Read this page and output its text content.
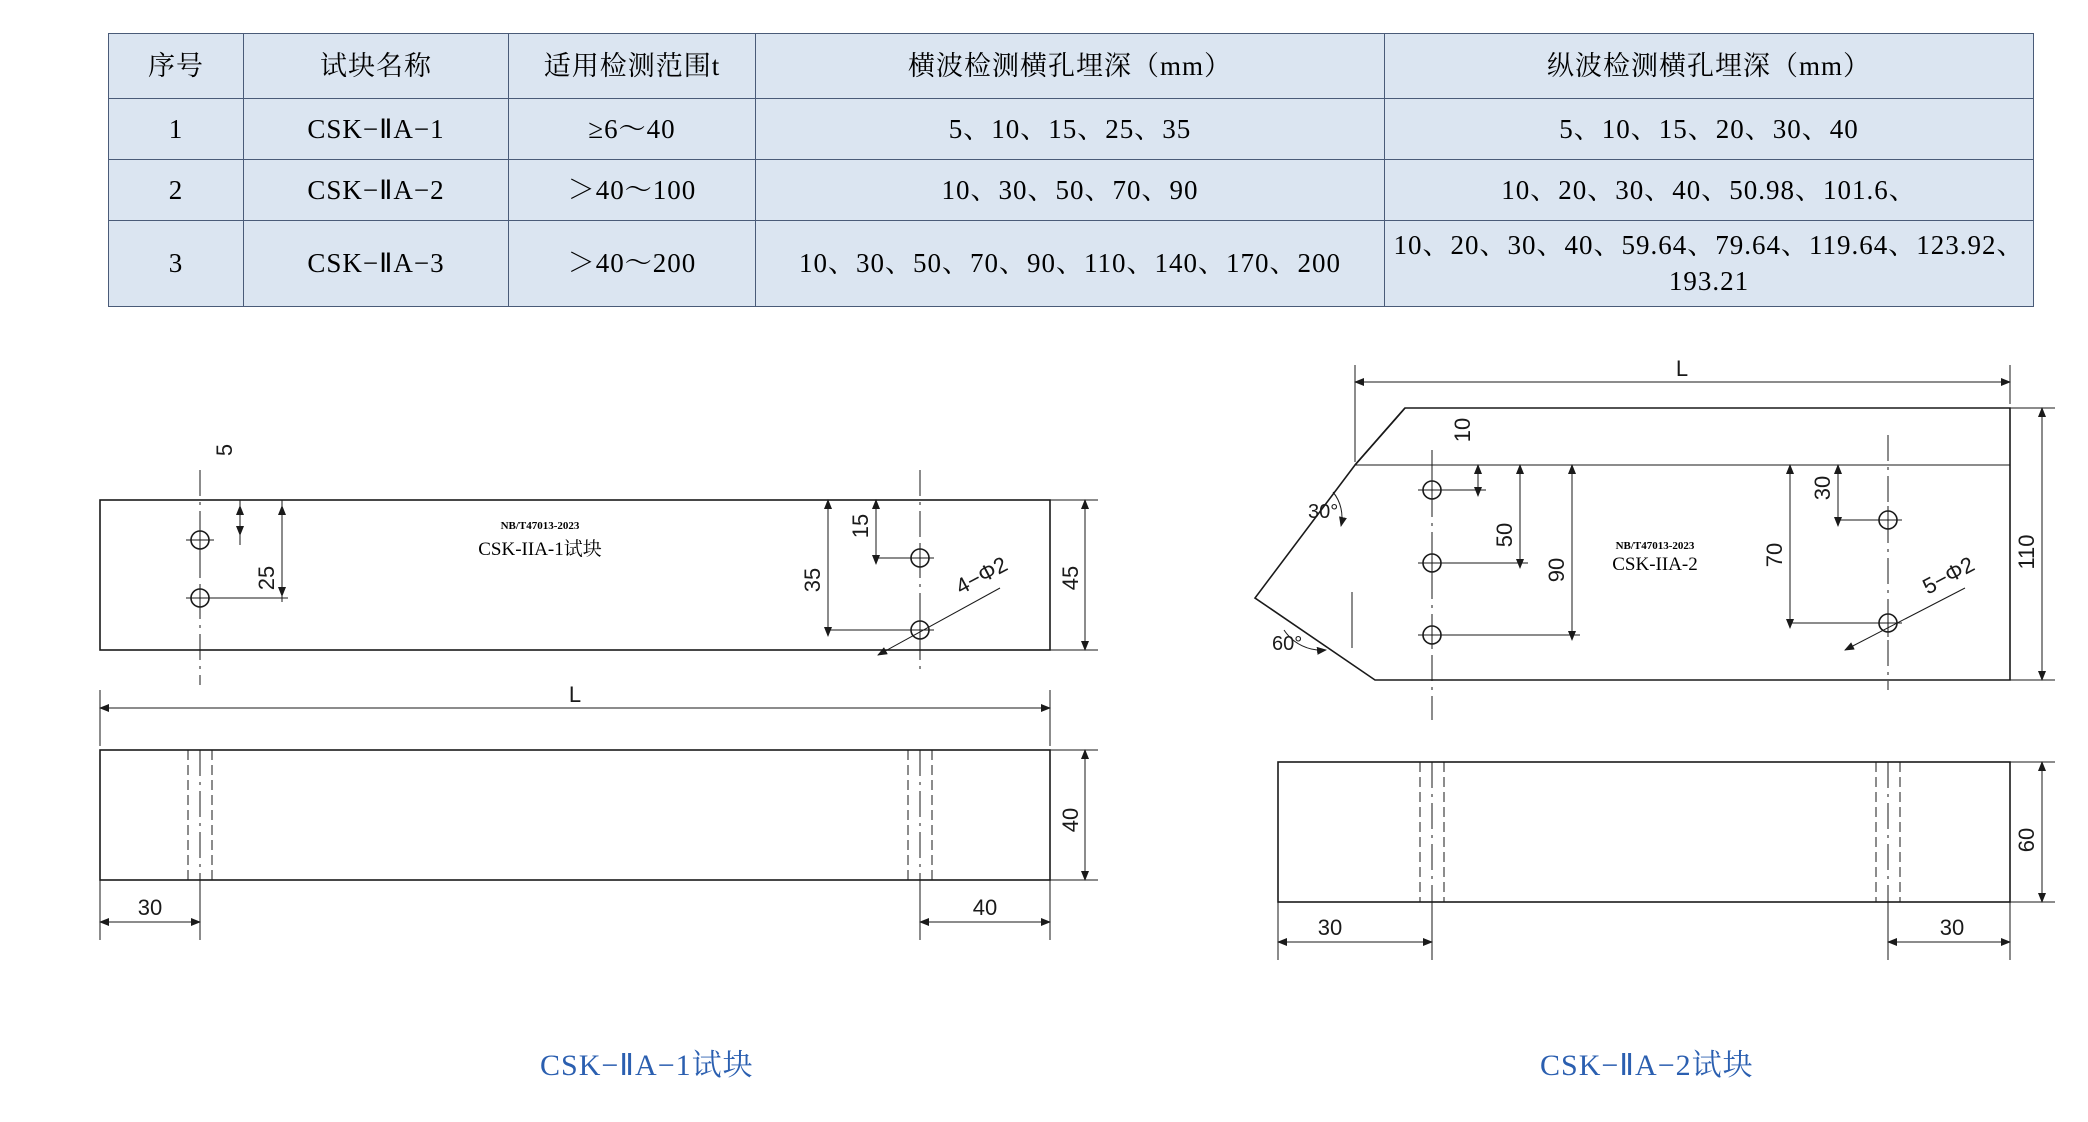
序号	试块名称	适用检测范围t	横波检测横孔埋深（mm）	纵波检测横孔埋深（mm）
1	CSK−ⅡA−1	≥6～40	5、10、15、25、35	5、10、15、20、30、40
2	CSK−ⅡA−2	＞40～100	10、30、50、70、90	10、20、30、40、50.98、101.6、
3	CSK−ⅡA−3	＞40～200	10、30、50、70、90、110、140、170、200	10、20、30、40、59.64、79.64、119.64、123.92、193.21
5
25	35
15
45
4−Φ2
L
40
30	40
L
10
50
90
30
70	110
30°
60°
5−Φ2
60
30	30
NB/T47013-2023
CSK-IIA-1试块	NB/T47013-2023
CSK-IIA-2
CSK−ⅡA−1试块	CSK−ⅡA−2试块
